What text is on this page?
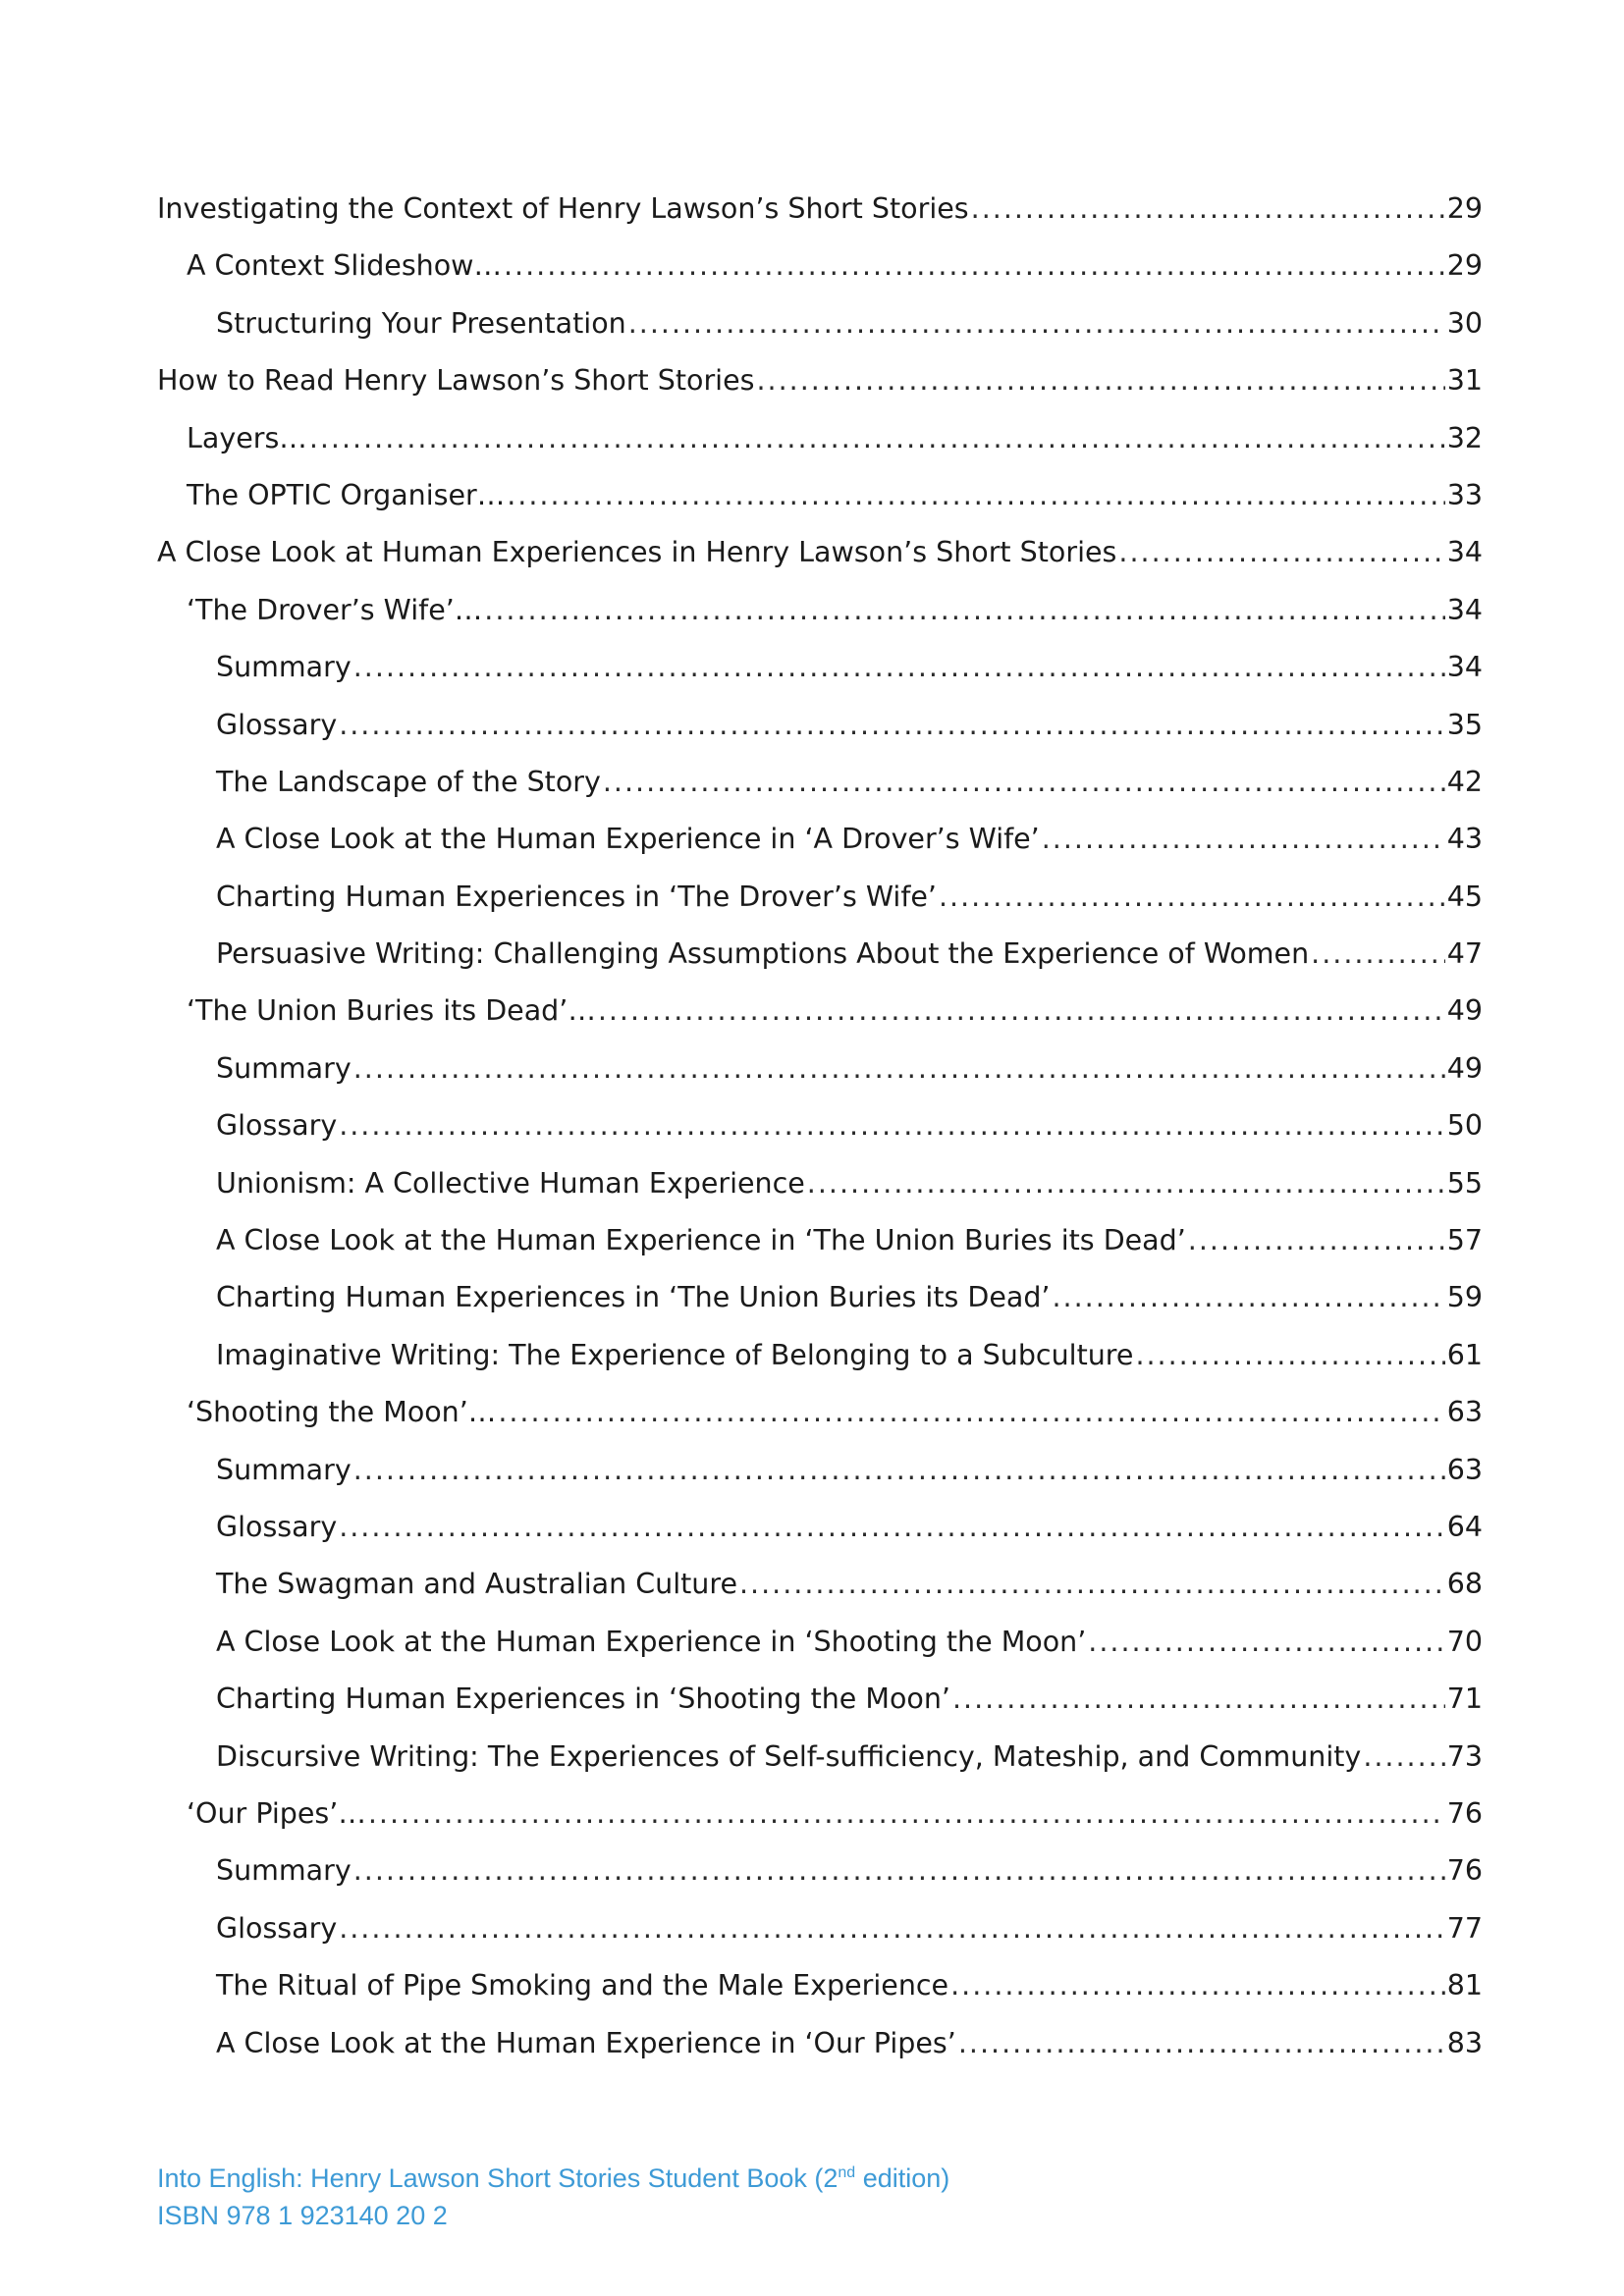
Investigating the Context of Henry Lawson’s Short Stories .....	29
A Context Slideshow… .....	29
Structuring Your Presentation .....	30
How to Read Henry Lawson’s Short Stories .....	31
Layers… .....	32
The OPTIC Organiser… .....	33
A Close Look at Human Experiences in Henry Lawson’s Short Stories .....	34
‘The Drover’s Wife’… .....	34
Summary .....	34
Glossary .....	35
The Landscape of the Story .....	42
A Close Look at the Human Experience in ‘A Drover’s Wife’ .....	43
Charting Human Experiences in ‘The Drover’s Wife’ .....	45
Persuasive Writing: Challenging Assumptions About the Experience of Women .....	47
‘The Union Buries its Dead’… .....	49
Summary .....	49
Glossary .....	50
Unionism: A Collective Human Experience .....	55
A Close Look at the Human Experience in ‘The Union Buries its Dead’ .....	57
Charting Human Experiences in ‘The Union Buries its Dead’ .....	59
Imaginative Writing: The Experience of Belonging to a Subculture .....	61
‘Shooting the Moon’… .....	63
Summary .....	63
Glossary .....	64
The Swagman and Australian Culture .....	68
A Close Look at the Human Experience in ‘Shooting the Moon’ .....	70
Charting Human Experiences in ‘Shooting the Moon’ .....	71
Discursive Writing: The Experiences of Self-sufficiency, Mateship, and Community .....	73
‘Our Pipes’… .....	76
Summary .....	76
Glossary .....	77
The Ritual of Pipe Smoking and the Male Experience .....	81
A Close Look at the Human Experience in ‘Our Pipes’ .....	83
Into English: Henry Lawson Short Stories Student Book (2nd edition)
ISBN 978 1 923140 20 2
